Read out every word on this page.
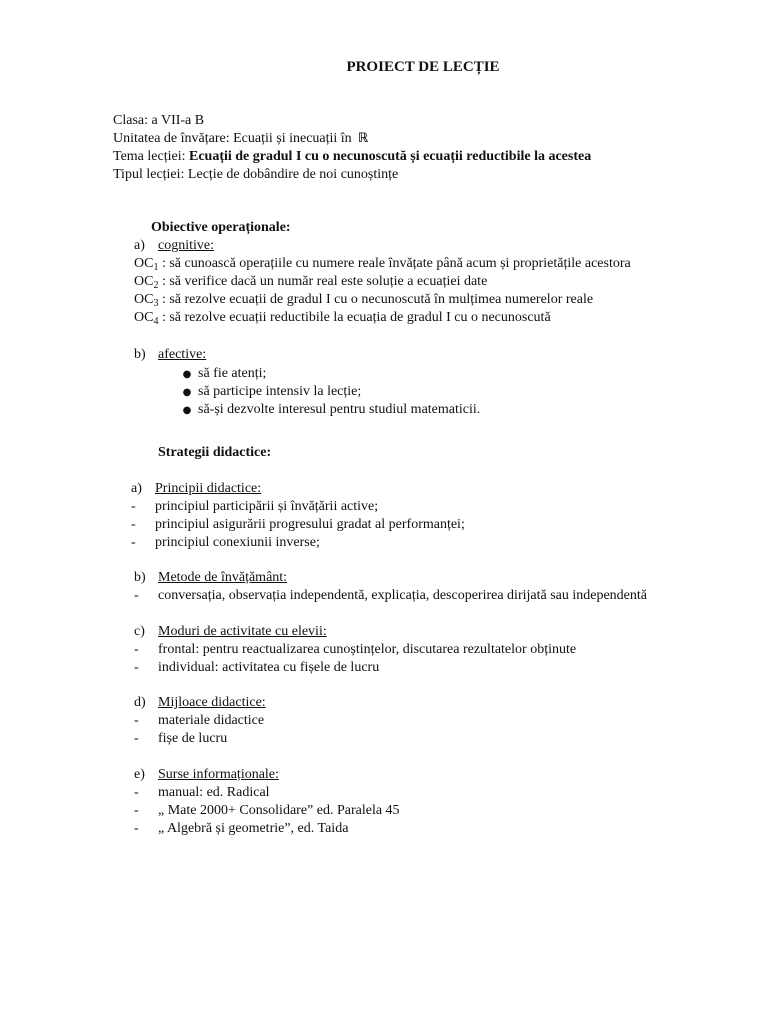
PROIECT DE LECȚIE
Clasa: a VII-a B
Unitatea de învățare: Ecuații și inecuații în ℝ
Tema lecției: Ecuații de gradul I cu o necunoscută și ecuații reductibile la acestea
Tipul lecției: Lecție de dobândire de noi cunoștințe
Obiective operaționale:
a) cognitive:
$OC_1$ : să cunoască operațiile cu numere reale învățate până acum și proprietățile acestora
$OC_2$ : să verifice dacă un număr real este soluție a ecuației date
$OC_3$ : să rezolve ecuații de gradul I cu o necunoscută în mulțimea numerelor reale
$OC_4$ : să rezolve ecuații reductibile la ecuația de gradul I cu o necunoscută
b) afective:
● să fie atenți;
● să participe intensiv la lecție;
● să-și dezvolte interesul pentru studiul matematicii.
Strategii didactice:
a) Principii didactice:
- principiul participării și învățării active;
- principiul asigurării progresului gradat al performanței;
- principiul conexiunii inverse;
b) Metode de învățământ:
- conversația, observația independentă, explicația, descoperirea dirijată sau independentă
c) Moduri de activitate cu elevii:
- frontal: pentru reactualizarea cunoștințelor, discutarea rezultatelor obținute
- individual: activitatea cu fișele de lucru
d) Mijloace didactice:
- materiale didactice
- fișe de lucru
e) Surse informaționale:
- manual: ed. Radical
- „ Mate 2000+ Consolidare” ed. Paralela 45
- „ Algebră și geometrie”, ed. Taida
